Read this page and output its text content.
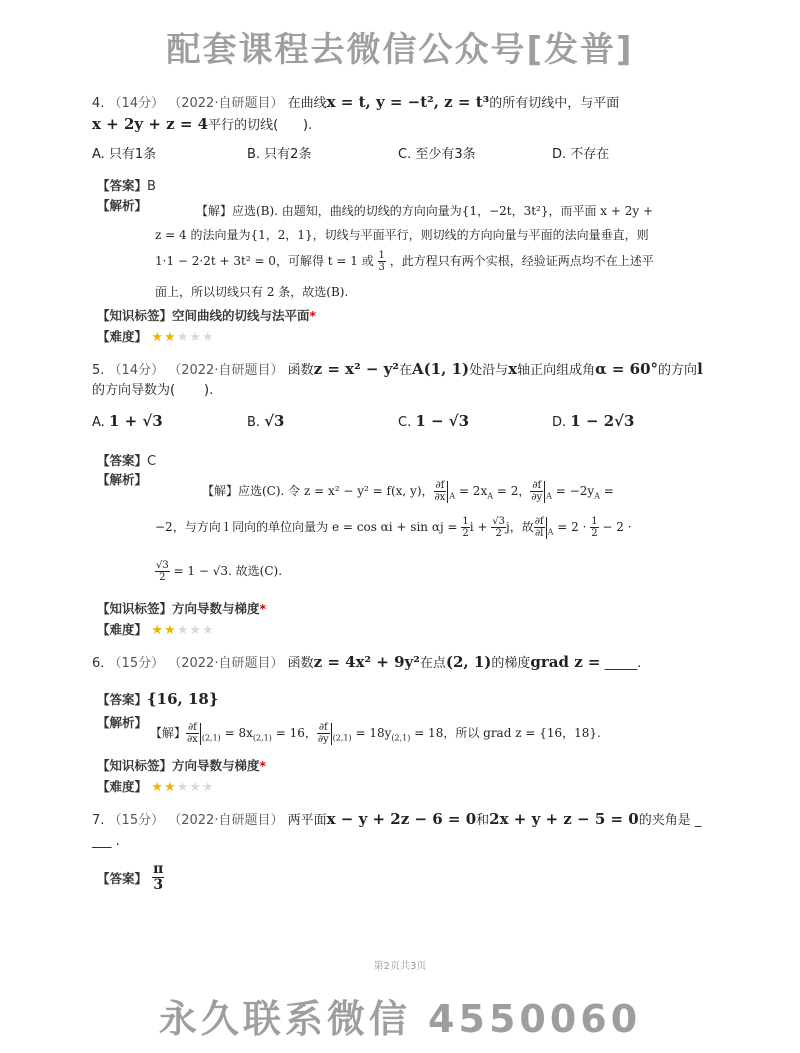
配套课程去微信公众号[发普]
4. （14分） （2022·自研题目） 在曲线x = t, y = −t², z = t³的所有切线中，与平面
x + 2y + z = 4平行的切线( ).
A. 只有1条	B. 只有2条	C. 至少有3条	D. 不存在
【答案】B
【解析】	【解】应选(B). 由题知，曲线的切线的方向向量为{1，−2t，3t²}，而平面 x + 2y +
z = 4 的法向量为{1，2，1}，切线与平面平行，则切线的方向向量与平面的法向量垂直，则
1·1 − 2·2t + 3t² = 0，可解得 t = 1 或 $\frac{1}{3}$ ，此方程只有两个实根，经验证两点均不在上述平
面上，所以切线只有 2 条，故选(B).
【知识标签】空间曲线的切线与法平面*
【难度】 ★★★★★
5. （14分） （2022·自研题目） 函数z = x² − y²在A(1, 1)处沿与x轴正向组成角α = 60°的方向l
的方向导数为( ).
A. 1 + √3	B. √3	C. 1 − √3	D. 1 − 2√3
【答案】C
【解析】
【解】应选(C). 令 z = x² − y² = f(x, y)， $\frac{\partial f}{\partial x} _A = 2x_A = 2$， $\frac{\partial f}{\partial y} _A = -2y_A$ =
−2，与方向 l 同向的单位向量为 $e = \cos \alpha i + \sin \alpha j = \frac{1}{2}$ $i + \frac{√3}{2}$ j，故 $\frac{\partial f}{\partial l} _A = 2 \cdot \frac{1}{2} - 2$ ·
$\frac{√3}{2} = 1 - √3$. 故选(C).
【知识标签】方向导数与梯度*
【难度】 ★★★★★
6. （15分） （2022·自研题目） 函数z = 4x² + 9y²在点(2, 1)的梯度grad z = _____.
【答案】{16, 18}
【解析】
【解】 $\frac{\partial f}{\partial x} _{(2,1)} = 8x_{(2,1)} = 16$， $\frac{\partial f}{\partial y} _{(2,1)} = 18y_{(2,1)} = 18$，所以 grad z = {16，18}.
【知识标签】方向导数与梯度*
【难度】 ★★★★★
7. （15分） （2022·自研题目） 两平面x − y + 2z − 6 = 0和2x + y + z − 5 = 0的夹角是 _
___ .
【答案】 $\frac{\pi}{3}$
第2页共3页
永久联系微信 4550060
